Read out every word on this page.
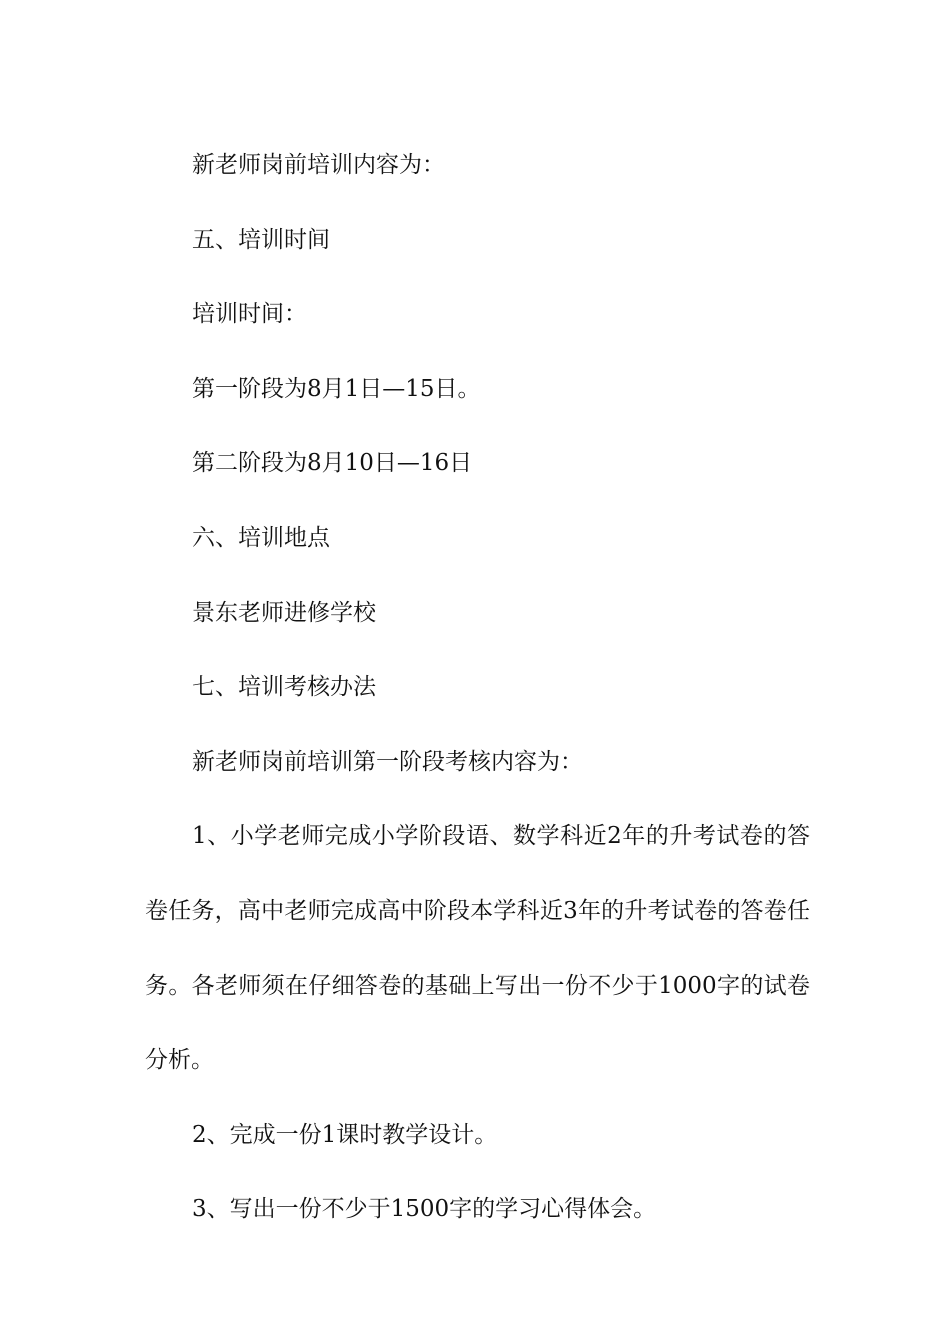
新老师岗前培训内容为：

五、培训时间

培训时间：

第一阶段为8月1日—15日。

第二阶段为8月10日—16日

六、培训地点

景东老师进修学校

七、培训考核办法

新老师岗前培训第一阶段考核内容为：

1、小学老师完成小学阶段语、数学科近2年的升考试卷的答卷任务，高中老师完成高中阶段本学科近3年的升考试卷的答卷任务。各老师须在仔细答卷的基础上写出一份不少于1000字的试卷分析。

2、完成一份1课时教学设计。

3、写出一份不少于1500字的学习心得体会。
